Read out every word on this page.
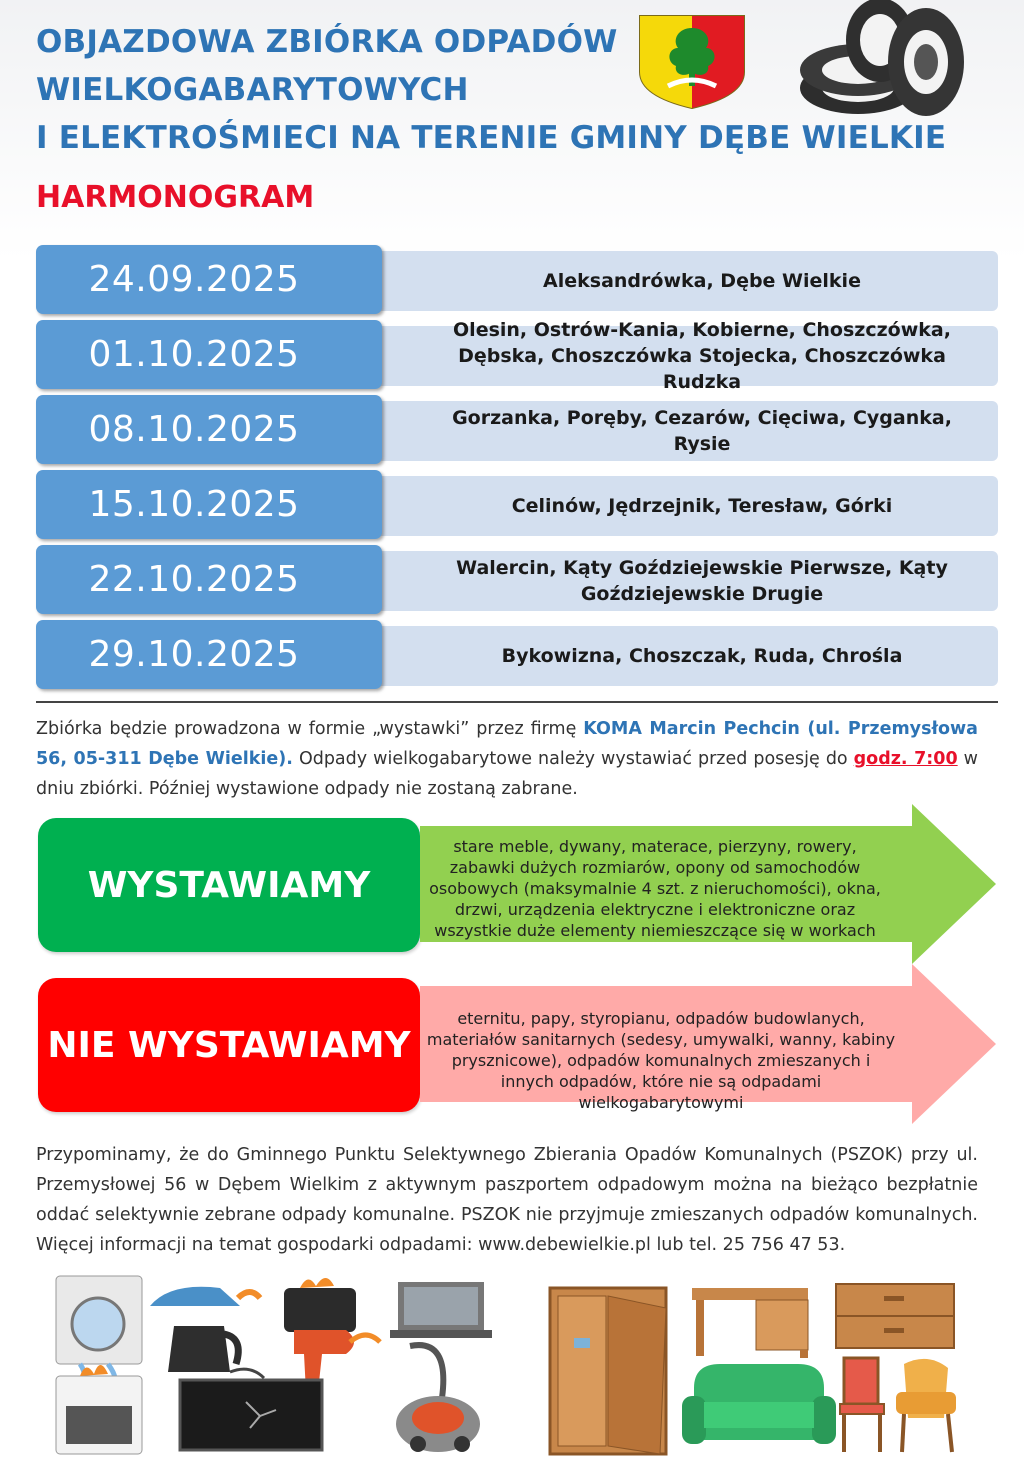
OBJAZDOWA ZBIÓRKA ODPADÓW
WIELKOGABARYTOWYCH
I ELEKTROŚMIECI NA TERENIE GMINY DĘBE WIELKIE
HARMONOGRAM
Aleksandrówka, Dębe Wielkie
24.09.2025
Olesin, Ostrów-Kania, Kobierne, Choszczówka, Dębska, Choszczówka Stojecka, Choszczówka Rudzka
01.10.2025
Gorzanka, Poręby, Cezarów, Cięciwa, Cyganka, Rysie
08.10.2025
Celinów, Jędrzejnik, Teresław, Górki
15.10.2025
Walercin, Kąty Goździejewskie Pierwsze, Kąty Goździejewskie Drugie
22.10.2025
Bykowizna, Choszczak, Ruda, Chrośla
29.10.2025
Zbiórka będzie prowadzona w formie „wystawki” przez firmę KOMA Marcin Pechcin (ul. Przemysłowa 56, 05-311 Dębe Wielkie). Odpady wielkogabarytowe należy wystawiać przed posesję do godz. 7:00 w dniu zbiórki. Później wystawione odpady nie zostaną zabrane.
WYSTAWIAMY
stare meble, dywany, materace, pierzyny, rowery, zabawki dużych rozmiarów, opony od samochodów osobowych (maksymalnie 4 szt. z nieruchomości), okna, drzwi, urządzenia elektryczne i elektroniczne oraz wszystkie duże elementy niemieszczące się w workach
NIE WYSTAWIAMY
eternitu, papy, styropianu, odpadów budowlanych, materiałów sanitarnych (sedesy, umywalki, wanny, kabiny prysznicowe), odpadów komunalnych zmieszanych i innych odpadów, które nie są odpadami wielkogabarytowymi
Przypominamy, że do Gminnego Punktu Selektywnego Zbierania Opadów Komunalnych (PSZOK) przy ul. Przemysłowej 56 w Dębem Wielkim z aktywnym paszportem odpadowym można na bieżąco bezpłatnie oddać selektywnie zebrane odpady komunalne. PSZOK nie przyjmuje zmieszanych odpadów komunalnych. Więcej informacji na temat gospodarki odpadami: www.debewielkie.pl lub tel. 25 756 47 53.
